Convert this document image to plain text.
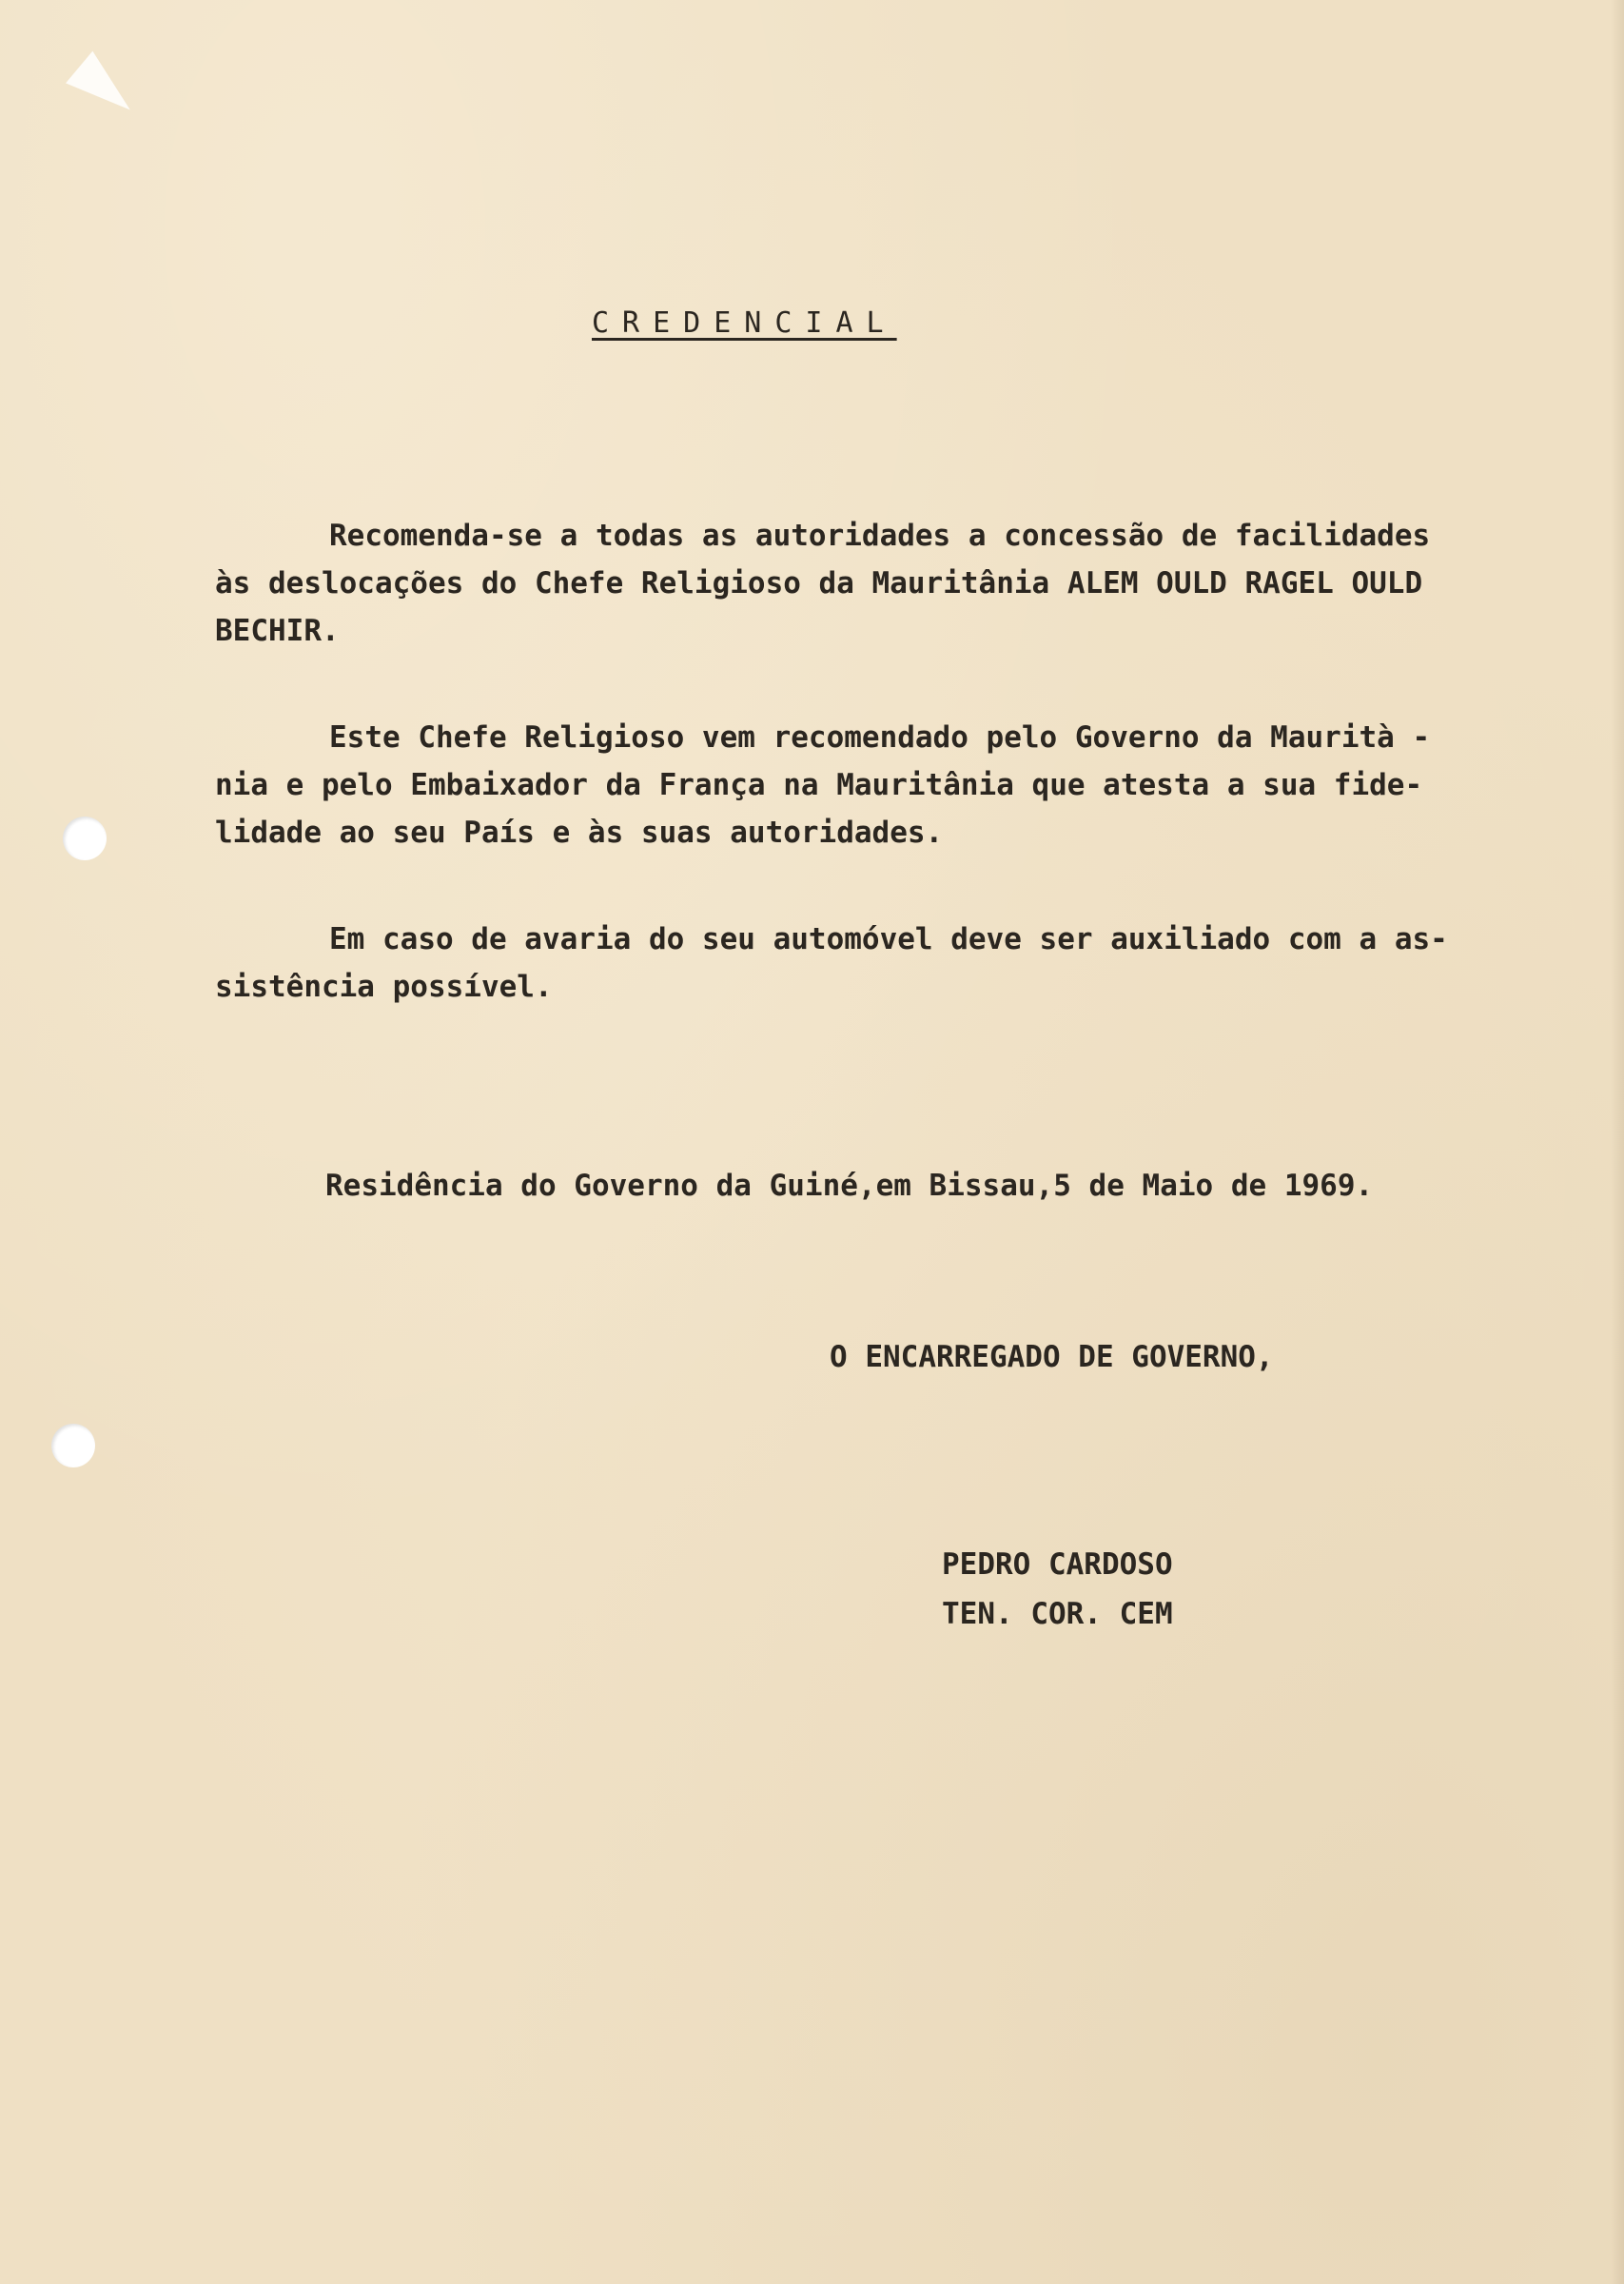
CREDENCIAL
Recomenda-se a todas as autoridades a concessão de facilidades
às deslocações do Chefe Religioso da Mauritânia ALEM OULD RAGEL OULD
BECHIR.
Este Chefe Religioso vem recomendado pelo Governo da Maurità -
nia e pelo Embaixador da França na Mauritânia que atesta a sua fide-
lidade ao seu País e às suas autoridades.
Em caso de avaria do seu automóvel deve ser auxiliado com a as-
sistência possível.
Residência do Governo da Guiné,em Bissau,5 de Maio de 1969.
O ENCARREGADO DE GOVERNO,
PEDRO CARDOSO
TEN. COR. CEM
